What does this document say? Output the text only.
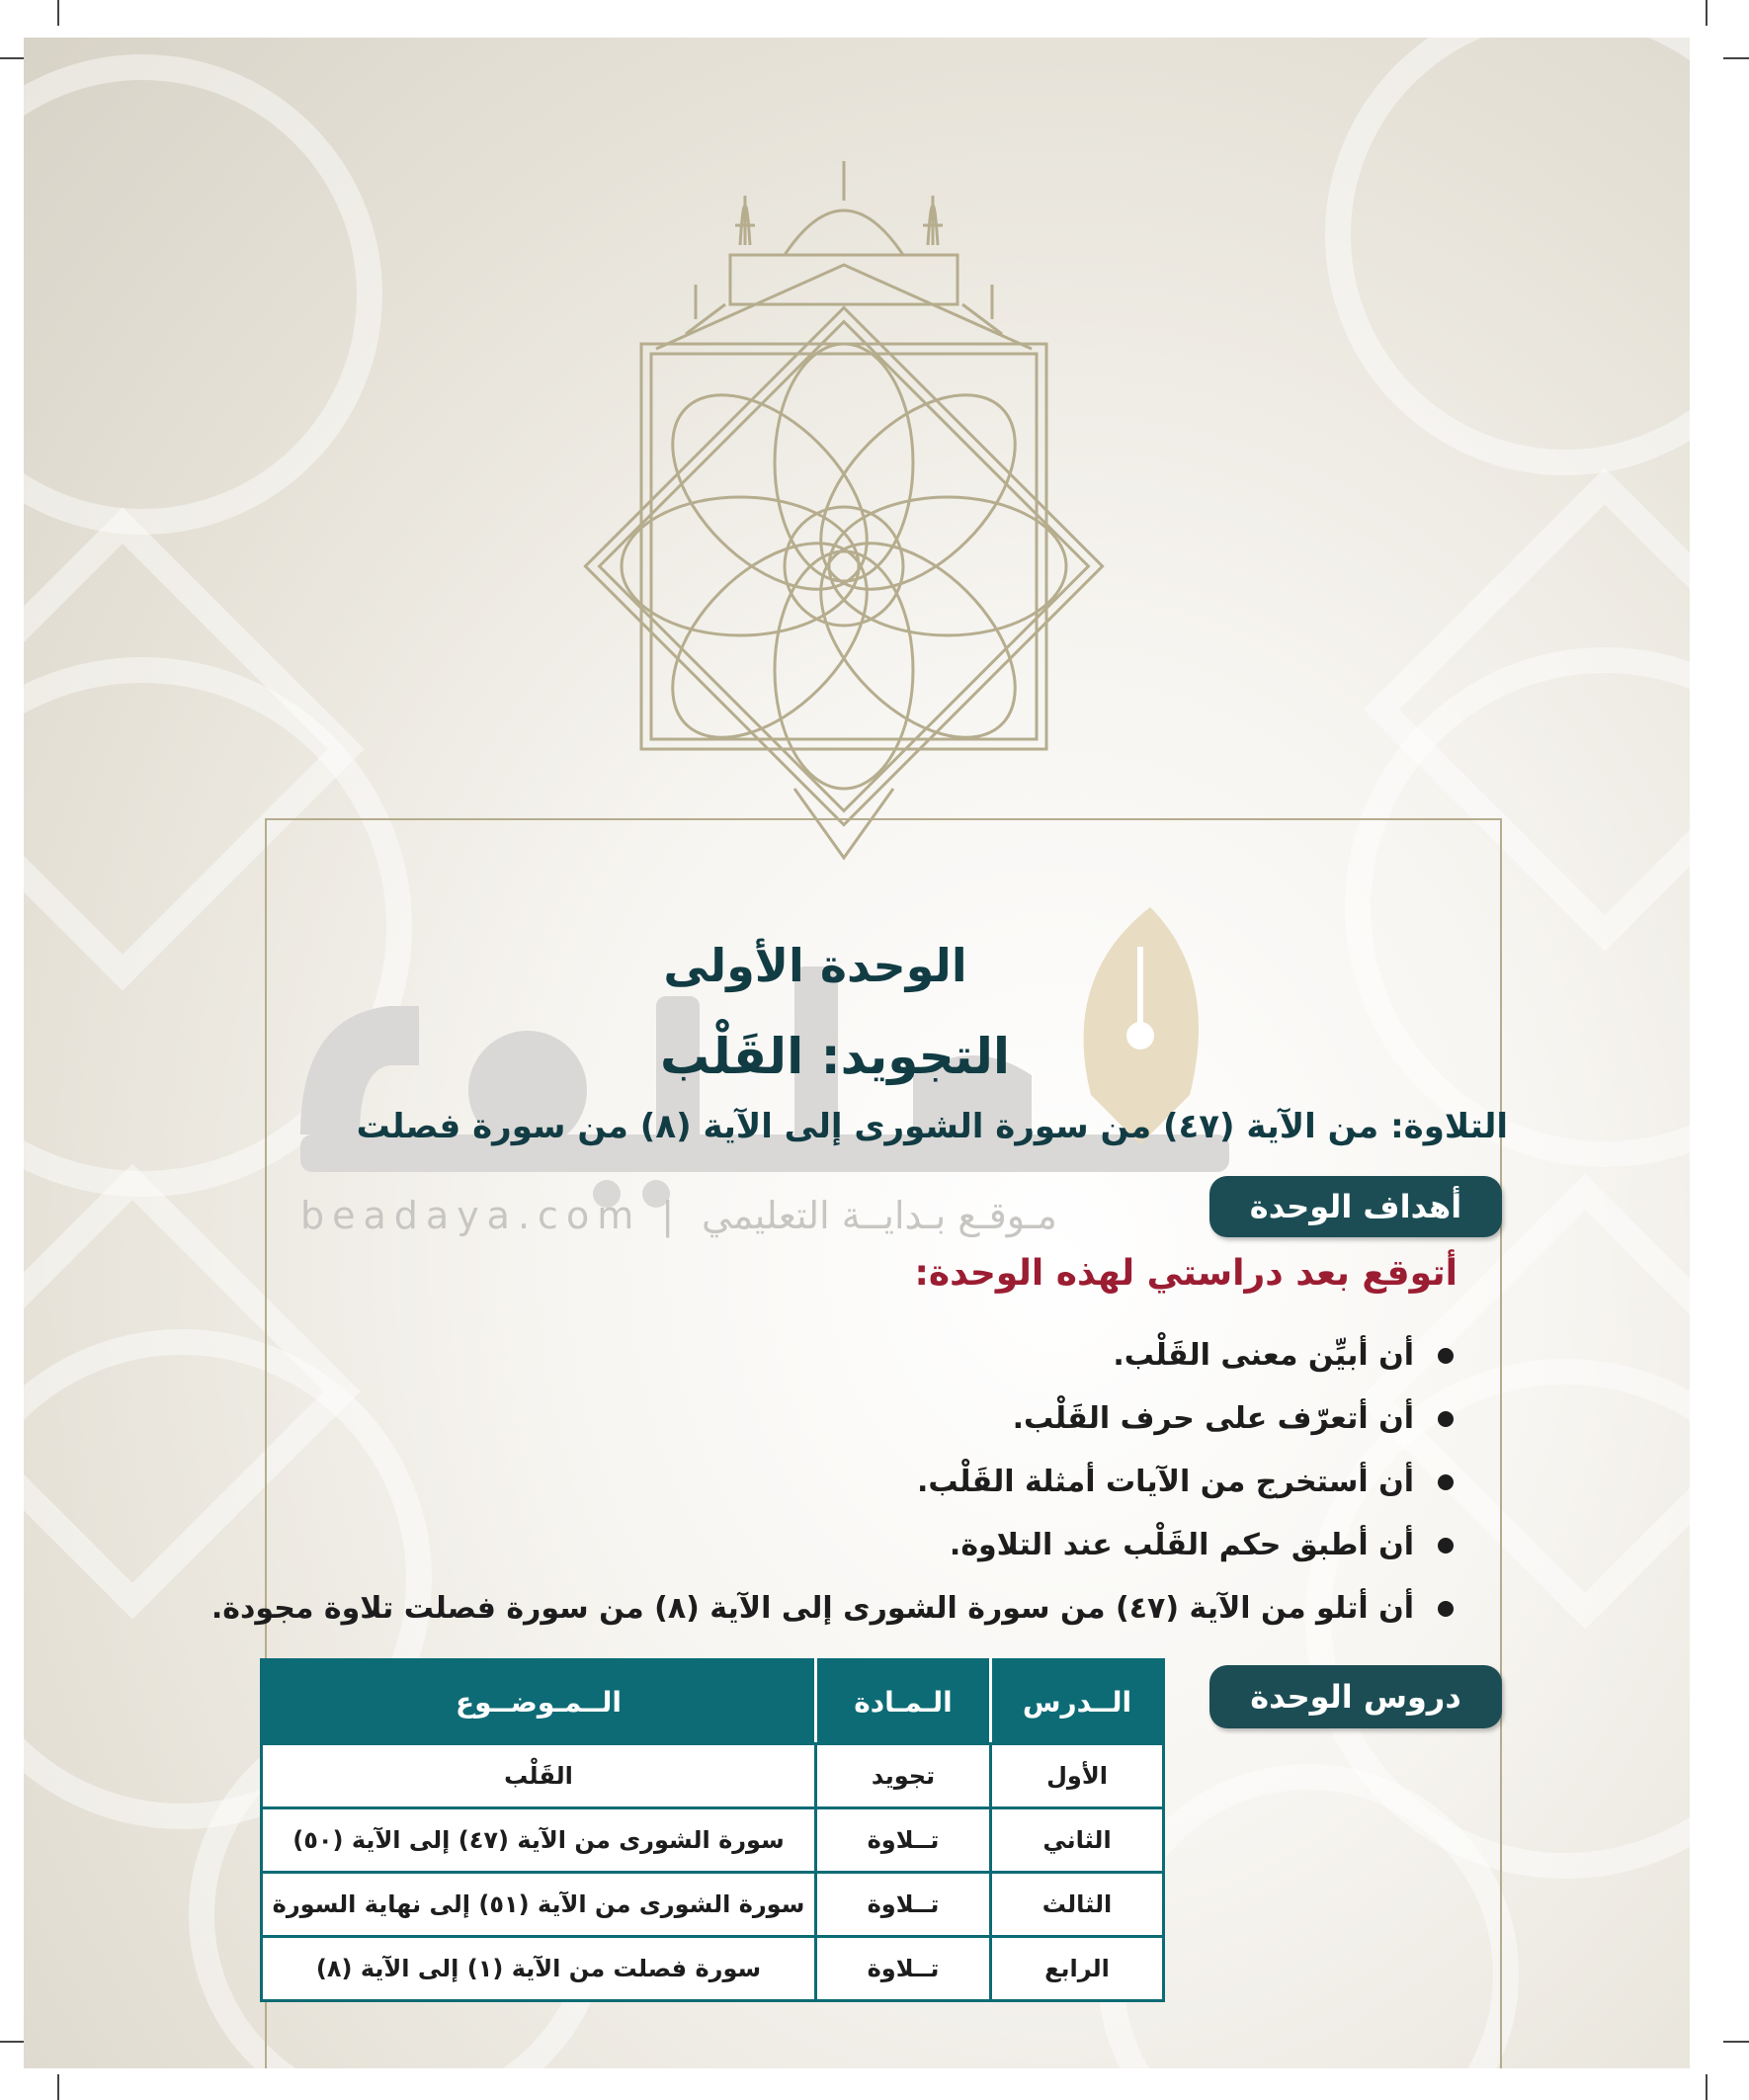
beadaya.com | مـوقـع بـدايــة التعليمي
الوحدة الأولى
التجويد: القَلْب
التلاوة: من الآية (٤٧) من سورة الشورى إلى الآية (٨) من سورة فصلت
أهداف الوحدة
أتوقع بعد دراستي لهذه الوحدة:
أن أبيِّن معنى القَلْب.
أن أتعرّف على حرف القَلْب.
أن أستخرج من الآيات أمثلة القَلْب.
أن أطبق حكم القَلْب عند التلاوة.
أن أتلو من الآية (٤٧) من سورة الشورى إلى الآية (٨) من سورة فصلت تلاوة مجودة.
دروس الوحدة
الــدرس	الـمـادة	الــمـوضــوع
الأول	تجويد	القَلْب
الثاني	تــلاوة	سورة الشورى من الآية (٤٧) إلى الآية (٥٠)
الثالث	تــلاوة	سورة الشورى من الآية (٥١) إلى نهاية السورة
الرابع	تــلاوة	سورة فصلت من الآية (١) إلى الآية (٨)
